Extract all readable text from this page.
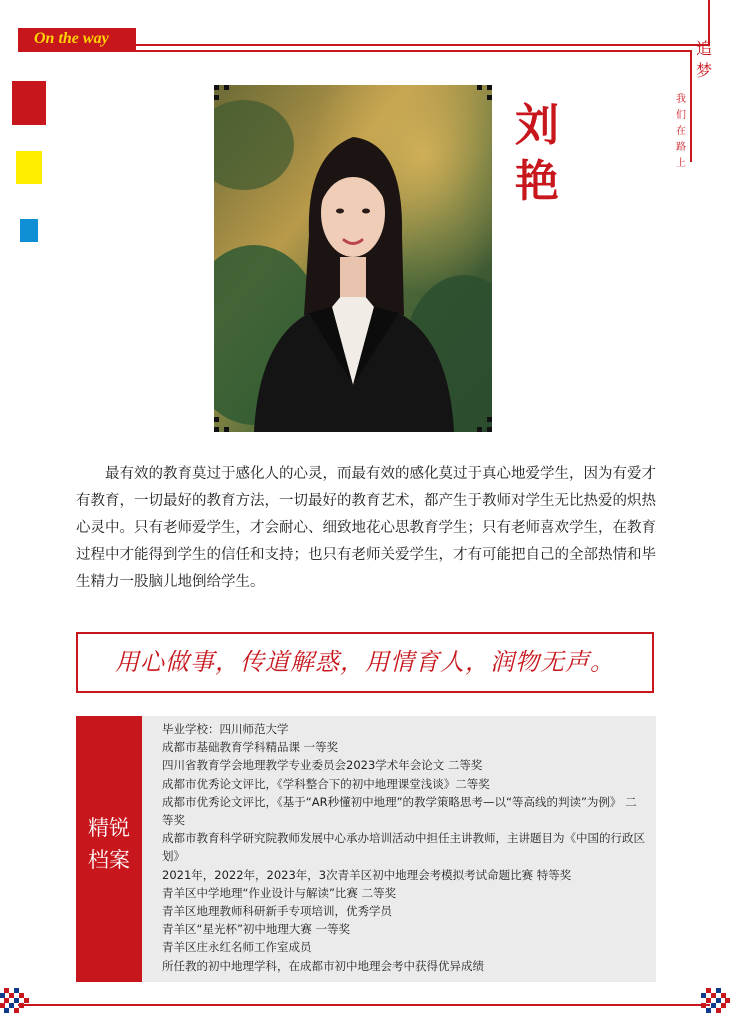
On the way
追
梦
我
们
在
路
上
刘
艳

最有效的教育莫过于感化人的心灵，而最有效的感化莫过于真心地爱学生，因为有爱才有教育，一切最好的教育方法，一切最好的教育艺术，都产生于教师对学生无比热爱的炽热心灵中。只有老师爱学生，才会耐心、细致地花心思教育学生；只有老师喜欢学生，在教育过程中才能得到学生的信任和支持；也只有老师关爱学生，才有可能把自己的全部热情和毕生精力一股脑儿地倒给学生。

用心做事，传道解惑，用情育人，润物无声。
精锐
档案
毕业学校：四川师范大学
成都市基础教育学科精品课 一等奖
四川省教育学会地理教学专业委员会2023学术年会论文 二等奖
成都市优秀论文评比，《学科整合下的初中地理课堂浅谈》二等奖
成都市优秀论文评比，《基于“AR秒懂初中地理”的教学策略思考—以“等高线的判读”为例》 二等奖
成都市教育科学研究院教师发展中心承办培训活动中担任主讲教师，主讲题目为《中国的行政区划》
2021年，2022年，2023年，3次青羊区初中地理会考模拟考试命题比赛 特等奖
青羊区中学地理“作业设计与解读”比赛 二等奖
青羊区地理教师科研新手专项培训，优秀学员
青羊区“星光杯”初中地理大赛 一等奖
青羊区庄永红名师工作室成员
所任教的初中地理学科，在成都市初中地理会考中获得优异成绩
